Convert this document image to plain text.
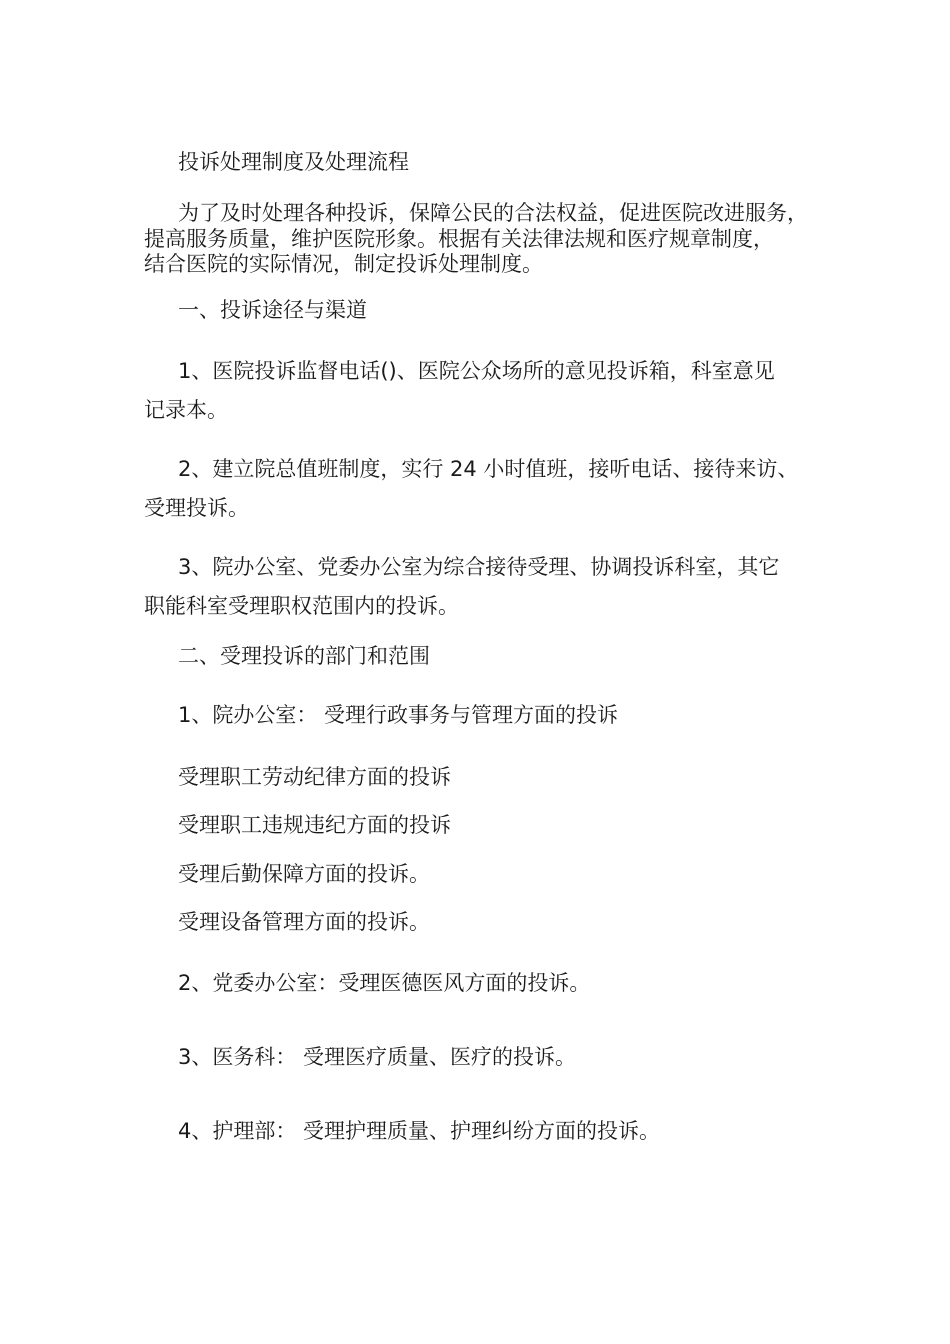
投诉处理制度及处理流程
为了及时处理各种投诉，保障公民的合法权益，促进医院改进服务，
提高服务质量，维护医院形象。根据有关法律法规和医疗规章制度，
结合医院的实际情况，制定投诉处理制度。
一、投诉途径与渠道
1、医院投诉监督电话()、医院公众场所的意见投诉箱，科室意见
记录本。
2、建立院总值班制度，实行 24 小时值班，接听电话、接待来访、
受理投诉。
3、院办公室、党委办公室为综合接待受理、协调投诉科室，其它
职能科室受理职权范围内的投诉。
二、受理投诉的部门和范围
1、院办公室： 受理行政事务与管理方面的投诉
受理职工劳动纪律方面的投诉
受理职工违规违纪方面的投诉
受理后勤保障方面的投诉。
受理设备管理方面的投诉。
2、党委办公室：受理医德医风方面的投诉。
3、医务科： 受理医疗质量、医疗的投诉。
4、护理部： 受理护理质量、护理纠纷方面的投诉。
